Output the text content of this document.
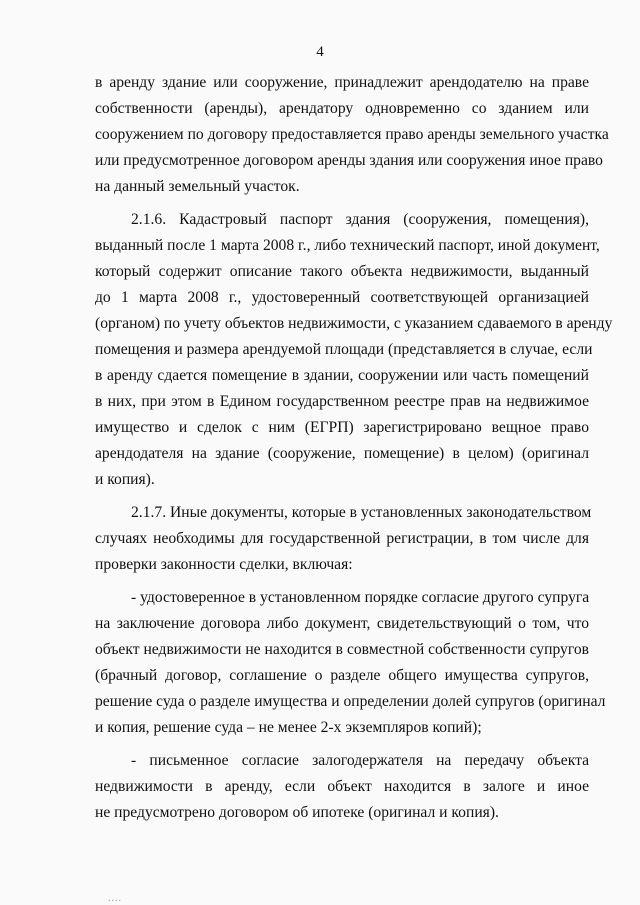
4
в аренду здание или сооружение, принадлежит арендодателю на праве
собственности (аренды), арендатору одновременно со зданием или
сооружением по договору предоставляется право аренды земельного участка
или предусмотренное договором аренды здания или сооружения иное право
на данный земельный участок.
2.1.6. Кадастровый паспорт здания (сооружения, помещения),
выданный после 1 марта 2008 г., либо технический паспорт, иной документ,
который содержит описание такого объекта недвижимости, выданный
до 1 марта 2008 г., удостоверенный соответствующей организацией
(органом) по учету объектов недвижимости, с указанием сдаваемого в аренду
помещения и размера арендуемой площади (представляется в случае, если
в аренду сдается помещение в здании, сооружении или часть помещений
в них, при этом в Едином государственном реестре прав на недвижимое
имущество и сделок с ним (ЕГРП) зарегистрировано вещное право
арендодателя на здание (сооружение, помещение) в целом) (оригинал
и копия).
2.1.7. Иные документы, которые в установленных законодательством
случаях необходимы для государственной регистрации, в том числе для
проверки законности сделки, включая:
- удостоверенное в установленном порядке согласие другого супруга
на заключение договора либо документ, свидетельствующий о том, что
объект недвижимости не находится в совместной собственности супругов
(брачный договор, соглашение о разделе общего имущества супругов,
решение суда о разделе имущества и определении долей супругов (оригинал
и копия, решение суда – не менее 2-х экземпляров копий);
- письменное согласие залогодержателя на передачу объекта
недвижимости в аренду, если объект находится в залоге и иное
не предусмотрено договором об ипотеке (оригинал и копия).
....
